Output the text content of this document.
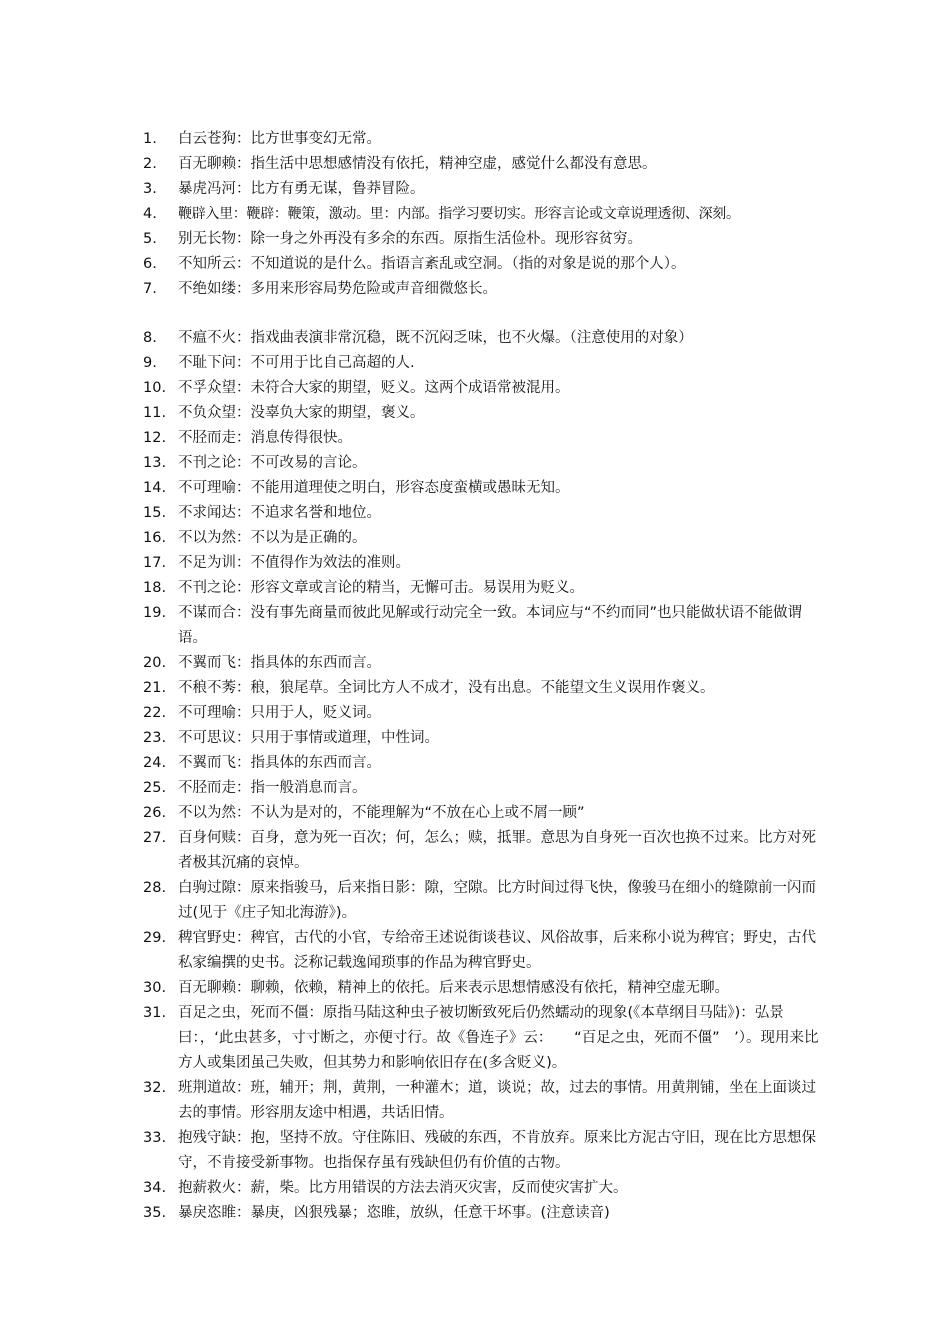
1.	白云苍狗：比方世事变幻无常。
2.	百无聊赖：指生活中思想感情没有依托，精神空虚，感觉什么都没有意思。
3.	暴虎冯河：比方有勇无谋，鲁莽冒险。
4.	鞭辟入里：鞭辟：鞭策，激动。里：内部。指学习要切实。形容言论或文章说理透彻、深刻。
5.	别无长物：除一身之外再没有多余的东西。原指生活俭朴。现形容贫穷。
6.	不知所云：不知道说的是什么。指语言紊乱或空洞。（指的对象是说的那个人）。
7.	不绝如缕：多用来形容局势危险或声音细微悠长。
8.	不瘟不火：指戏曲表演非常沉稳，既不沉闷乏味，也不火爆。（注意使用的对象）
9.	不耻下问：不可用于比自己高超的人.
10. 不孚众望：未符合大家的期望，贬义。这两个成语常被混用。
11. 不负众望：没辜负大家的期望，褒义。
12. 不胫而走：消息传得很快。
13. 不刊之论：不可改易的言论。
14. 不可理喻：不能用道理使之明白，形容态度蛮横或愚昧无知。
15. 不求闻达：不追求名誉和地位。
16. 不以为然：不以为是正确的。
17. 不足为训：不值得作为效法的准则。
18. 不刊之论：形容文章或言论的精当，无懈可击。易误用为贬义。
19. 不谋而合：没有事先商量而彼此见解或行动完全一致。本词应与“不约而同”也只能做状语不能做谓语。
20. 不翼而飞：指具体的东西而言。
21. 不稂不莠：稂，狼尾草。全词比方人不成才，没有出息。不能望文生义误用作褒义。
22. 不可理喻：只用于人，贬义词。
23. 不可思议：只用于事情或道理，中性词。
24. 不翼而飞：指具体的东西而言。
25. 不胫而走：指一般消息而言。
26. 不以为然：不认为是对的，不能理解为“不放在心上或不屑一顾”
27. 百身何赎：百身，意为死一百次；何，怎么；赎，抵罪。意思为自身死一百次也换不过来。比方对死者极其沉痛的哀悼。
28. 白驹过隙：原来指骏马，后来指日影：隙，空隙。比方时间过得飞快，像骏马在细小的缝隙前一闪而过(见于《庄子知北海游》)。
29. 稗官野史：稗官，古代的小官，专给帝王述说街谈巷议、风俗故事，后来称小说为稗官；野史，古代私家编撰的史书。泛称记载逸闻琐事的作品为稗官野史。
30. 百无聊赖：聊赖，依赖，精神上的依托。后来表示思想情感没有依托，精神空虚无聊。
31. 百足之虫，死而不僵：原指马陆这种虫子被切断致死后仍然蠕动的现象(《本草纲目马陆》)：弘景曰：，‘此虫甚多，寸寸断之，亦便寸行。故《鲁连子》云：　　“百足之虫，死而不僵”　’）。现用来比方人或集团虽己失败，但其势力和影响依旧存在(多含贬义)。
32. 班荆道故：班，辅开；荆，黄荆，一种灌木；道，谈说；故，过去的事情。用黄荆铺，坐在上面谈过去的事情。形容朋友途中相遇，共话旧情。
33. 抱残守缺：抱，坚持不放。守住陈旧、残破的东西，不肯放弃。原来比方泥古守旧，现在比方思想保守，不肯接受新事物。也指保存虽有残缺但仍有价值的古物。
34. 抱薪救火：薪，柴。比方用错误的方法去消灭灾害，反而使灾害扩大。
35. 暴戾恣睢：暴庚，凶狠残暴；恣睢，放纵，任意干坏事。(注意读音)
